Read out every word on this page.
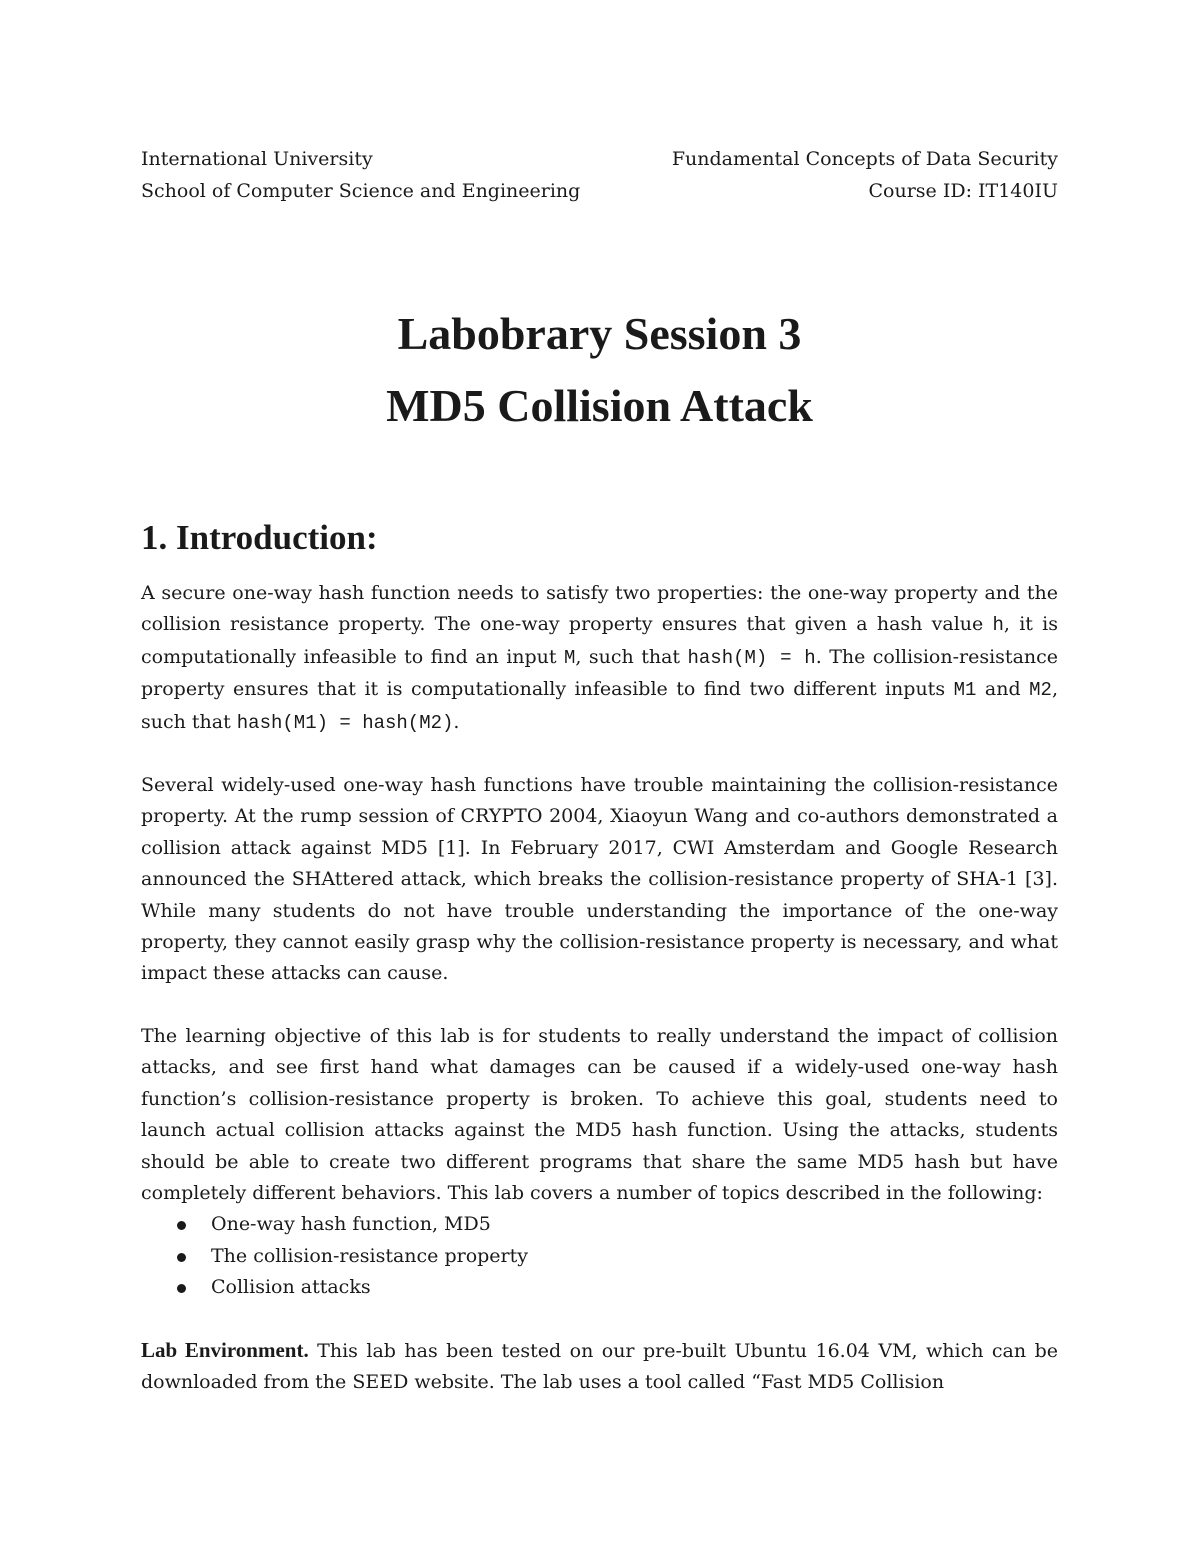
International University
School of Computer Science and Engineering
Fundamental Concepts of Data Security
Course ID: IT140IU
Labobrary Session 3
MD5 Collision Attack
1. Introduction:

A secure one-way hash function needs to satisfy two properties: the one-way property and the collision resistance property. The one-way property ensures that given a hash value h, it is computationally infeasible to find an input M, such that hash(M) = h. The collision-resistance property ensures that it is computationally infeasible to find two different inputs M1 and M2, such that hash(M1) = hash(M2).

Several widely-used one-way hash functions have trouble maintaining the collision-resistance property. At the rump session of CRYPTO 2004, Xiaoyun Wang and co-authors demonstrated a collision attack against MD5 [1]. In February 2017, CWI Amsterdam and Google Research announced the SHAttered attack, which breaks the collision-resistance property of SHA-1 [3]. While many students do not have trouble understanding the importance of the one-way property, they cannot easily grasp why the collision-resistance property is necessary, and what impact these attacks can cause.

The learning objective of this lab is for students to really understand the impact of collision attacks, and see first hand what damages can be caused if a widely-used one-way hash function’s collision-resistance property is broken. To achieve this goal, students need to launch actual collision attacks against the MD5 hash function. Using the attacks, students should be able to create two different programs that share the same MD5 hash but have completely different behaviors. This lab covers a number of topics described in the following:

One-way hash function, MD5
The collision-resistance property
Collision attacks

Lab Environment. This lab has been tested on our pre-built Ubuntu 16.04 VM, which can be downloaded from the SEED website. The lab uses a tool called “Fast MD5 Collision
